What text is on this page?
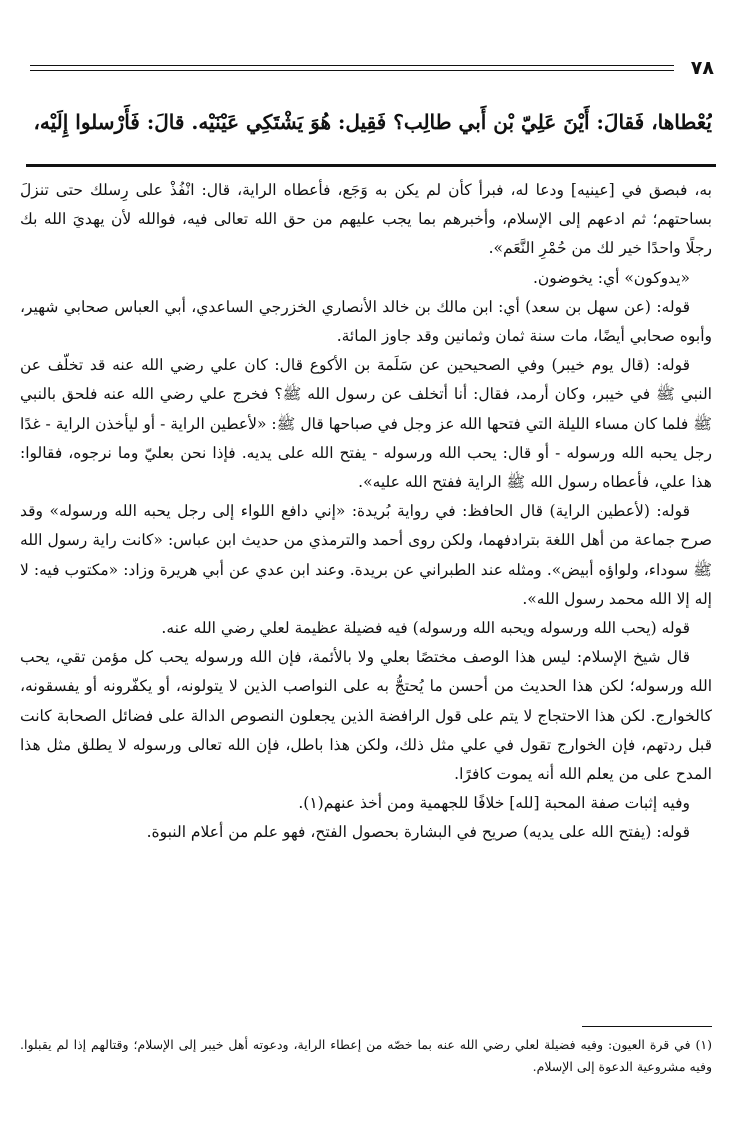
٧٨
يُعْطاها، فَقالَ: أَيْنَ عَلِيّ بْن أَبي طالِب؟ فَقِيل: هُوَ يَشْتَكِي عَيْنَيْه. قالَ: فَأَرْسلوا إِلَيْه،

به، فبصق في [عينيه] ودعا له، فبرأ كأن لم يكن به وَجَع، فأعطاه الراية، قال: انْفُذْ على رِسلك حتى تنزلَ بساحتهم؛ ثم ادعهم إلى الإسلام، وأخبرهم بما يجب عليهم من حق الله تعالى فيه، فوالله لأن يهديَ الله بك رجلًا واحدًا خير لك من حُمْرِ النَّعَم».

«يدوكون» أي: يخوضون.

قوله: (عن سهل بن سعد) أي: ابن مالك بن خالد الأنصاري الخزرجي الساعدي، أبي العباس صحابي شهير، وأبوه صحابي أيضًا، مات سنة ثمان وثمانين وقد جاوز المائة.

قوله: (قال يوم خيبر) وفي الصحيحين عن سَلَمة بن الأكوع قال: كان علي رضي الله عنه قد تخلّف عن النبي ﷺ في خيبر، وكان أرمد، فقال: أنا أتخلف عن رسول الله ﷺ؟ فخرج علي رضي الله عنه فلحق بالنبي ﷺ فلما كان مساء الليلة التي فتحها الله عز وجل في صباحها قال ﷺ: «لأعطين الراية - أو ليأخذن الراية - غدًا رجل يحبه الله ورسوله - أو قال: يحب الله ورسوله - يفتح الله على يديه. فإذا نحن بعليّ وما نرجوه، فقالوا: هذا علي، فأعطاه رسول الله ﷺ الراية ففتح الله عليه».

قوله: (لأعطين الراية) قال الحافظ: في رواية بُريدة: «إني دافع اللواء إلى رجل يحبه الله ورسوله» وقد صرح جماعة من أهل اللغة بترادفهما، ولكن روى أحمد والترمذي من حديث ابن عباس: «كانت راية رسول الله ﷺ سوداء، ولواؤه أبيض». ومثله عند الطبراني عن بريدة. وعند ابن عدي عن أبي هريرة وزاد: «مكتوب فيه: لا إله إلا الله محمد رسول الله».

قوله (يحب الله ورسوله ويحبه الله ورسوله) فيه فضيلة عظيمة لعلي رضي الله عنه.

قال شيخ الإسلام: ليس هذا الوصف مختصًا بعلي ولا بالأئمة، فإن الله ورسوله يحب كل مؤمن تقي، يحب الله ورسوله؛ لكن هذا الحديث من أحسن ما يُحتجُّ به على النواصب الذين لا يتولونه، أو يكفّرونه أو يفسقونه، كالخوارج. لكن هذا الاحتجاج لا يتم على قول الرافضة الذين يجعلون النصوص الدالة على فضائل الصحابة كانت قبل ردتهم، فإن الخوارج تقول في علي مثل ذلك، ولكن هذا باطل، فإن الله تعالى ورسوله لا يطلق مثل هذا المدح على من يعلم الله أنه يموت كافرًا.

وفيه إثبات صفة المحبة [لله] خلافًا للجهمية ومن أخذ عنهم(١).

قوله: (يفتح الله على يديه) صريح في البشارة بحصول الفتح، فهو علم من أعلام النبوة.

(١) في قرة العيون: وفيه فضيلة لعلي رضي الله عنه بما خصّه من إعطاء الراية، ودعوته أهل خيبر إلى الإسلام؛ وقتالهم إذا لم يقبلوا. وفيه مشروعية الدعوة إلى الإسلام.
